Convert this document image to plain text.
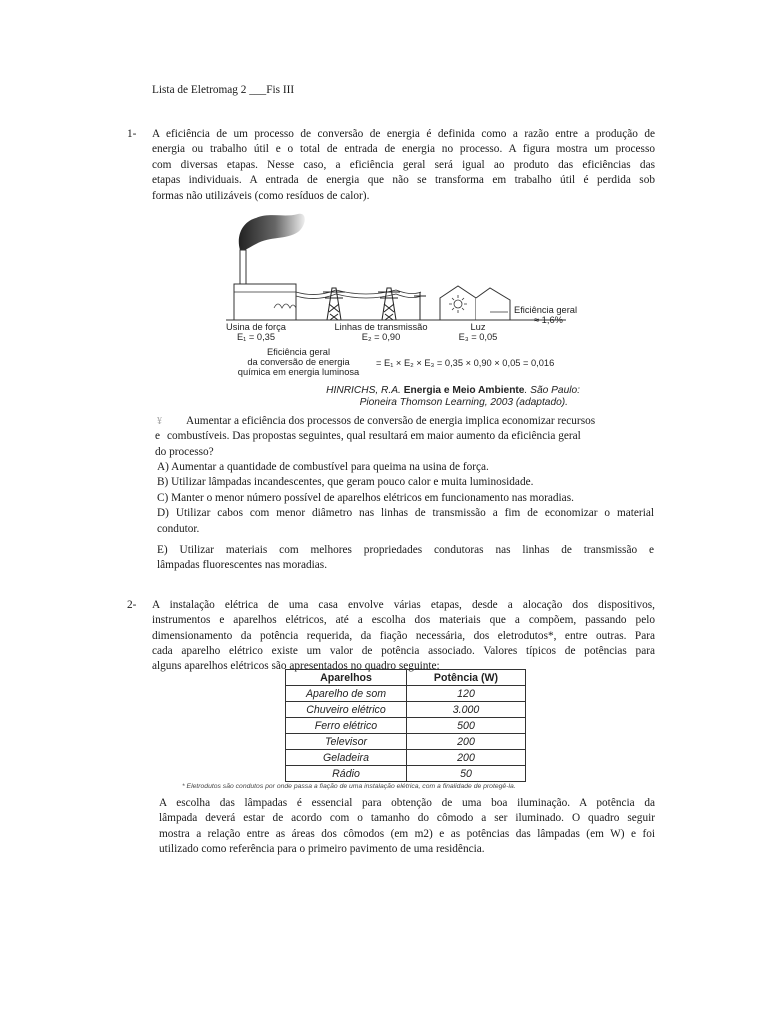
Lista de Eletromag 2 ___Fis III
1- A eficiência de um processo de conversão de energia é definida como a razão entre a produção de
energia ou trabalho útil e o total de entrada de energia no processo. A figura mostra um processo
com diversas etapas. Nesse caso, a eficiência geral será igual ao produto das eficiências das
etapas individuais. A entrada de energia que não se transforma em trabalho útil é perdida sob
formas não utilizáveis (como resíduos de calor).
Eficiência geral
≈ 1,6%
Usina de força
E₁ = 0,35
Linhas de transmissão
E₂ = 0,90
Luz
E₃ = 0,05
Eficiência geral
da conversão de energia
química em energia luminosa
= E₁ × E₂ × E₃ = 0,35 × 0,90 × 0,05 = 0,016
HINRICHS, R.A. Energia e Meio Ambiente. São Paulo:
Pioneira Thomson Learning, 2003 (adaptado).
¥ Aumentar a eficiência dos processos de conversão de energia implica economizar recursos
e combustíveis. Das propostas seguintes, qual resultará em maior aumento da eficiência geral
do processo?
A) Aumentar a quantidade de combustível para queima na usina de força.
B) Utilizar lâmpadas incandescentes, que geram pouco calor e muita luminosidade.
C) Manter o menor número possível de aparelhos elétricos em funcionamento nas moradias.
D) Utilizar cabos com menor diâmetro nas linhas de transmissão a fim de economizar o material
condutor.
E) Utilizar materiais com melhores propriedades condutoras nas linhas de transmissão e
lâmpadas fluorescentes nas moradias.
2- A instalação elétrica de uma casa envolve várias etapas, desde a alocação dos dispositivos,
instrumentos e aparelhos elétricos, até a escolha dos materiais que a compõem, passando pelo
dimensionamento da potência requerida, da fiação necessária, dos eletrodutos*, entre outras. Para
cada aparelho elétrico existe um valor de potência associado. Valores típicos de potências para
alguns aparelhos elétricos são apresentados no quadro seguinte:
Aparelhos	Potência (W)
Aparelho de som	120
Chuveiro elétrico	3.000
Ferro elétrico	500
Televisor	200
Geladeira	200
Rádio	50
* Eletrodutos são condutos por onde passa a fiação de uma instalação elétrica, com a finalidade de protegê-la.
A escolha das lâmpadas é essencial para obtenção de uma boa iluminação. A potência da
lâmpada deverá estar de acordo com o tamanho do cômodo a ser iluminado. O quadro seguir
mostra a relação entre as áreas dos cômodos (em m2) e as potências das lâmpadas (em W) e foi
utilizado como referência para o primeiro pavimento de uma residência.
